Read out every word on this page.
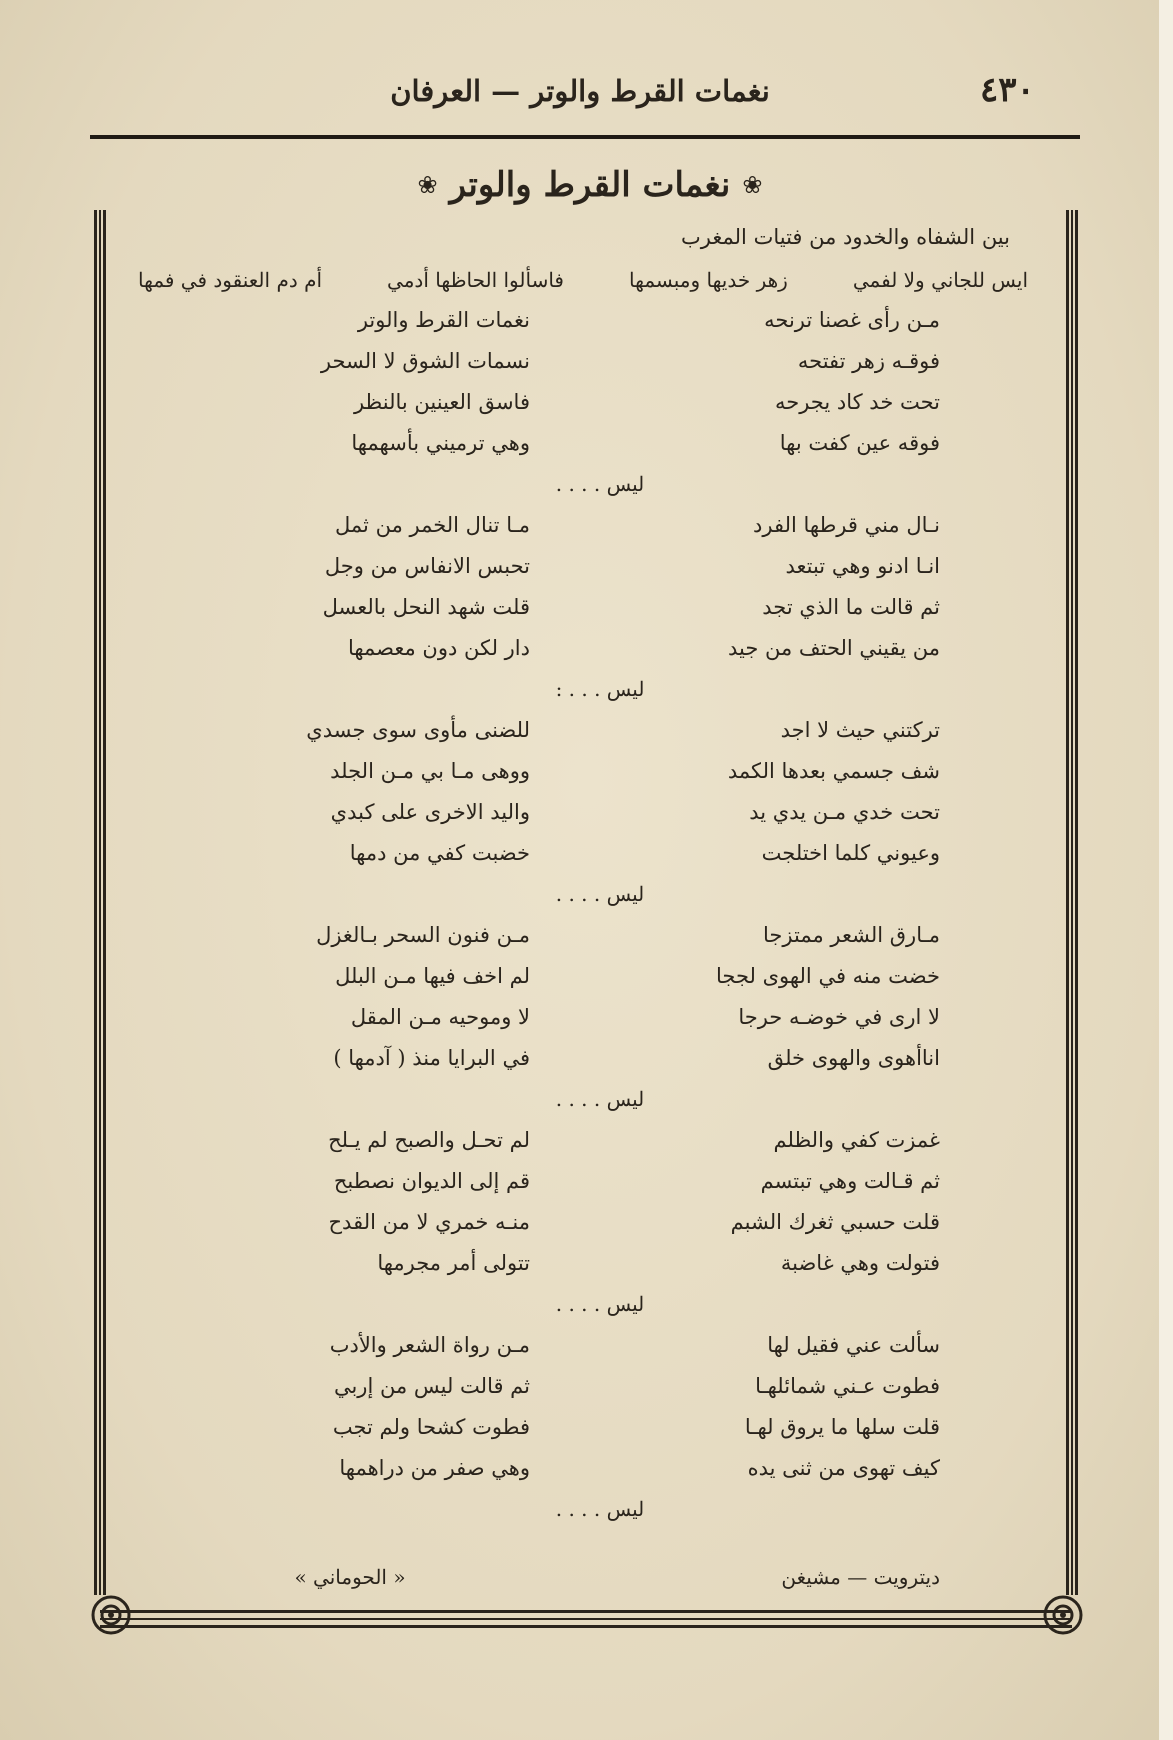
نغمات القرط والوتر — العرفان	٤٣٠
❀
نغمات القرط والوتر
❀
بين الشفاه والخدود من فتيات المغرب
ايس للجاني ولا لفمي
زهر خديها ومبسمها
فاسألوا الحاظها أدمي
أم دم العنقود في فمها
مـن رأى غصنا ترنحه
نغمات القرط والوتر
فوقـه زهر تفتحه
نسمات الشوق لا السحر
تحت خد كاد يجرحه
فاسق العينين بالنظر
فوقه عين كفت بها
وهي ترميني بأسهمها
ليس . . . .
نـال مني قرطها الفرد
مـا تنال الخمر من ثمل
انـا ادنو وهي تبتعد
تحبس الانفاس من وجل
ثم قالت ما الذي تجد
قلت شهد النحل بالعسل
من يقيني الحتف من جيد
دار لكن دون معصمها
ليس . . . :
تركتني حيث لا اجد
للضنى مأوى سوى جسدي
شف جسمي بعدها الكمد
ووهى مـا بي مـن الجلد
تحت خدي مـن يدي يد
واليد الاخرى على كبدي
وعيوني كلما اختلجت
خضبت كفي من دمها
ليس . . . .
مـارق الشعر ممتزجا
مـن فنون السحر بـالغزل
خضت منه في الهوى لججا
لم اخف فيها مـن البلل
لا ارى في خوضـه حرجا
لا وموحيه مـن المقل
اناأهوى والهوى خلق
في البرايا منذ ( آدمها )
ليس . . . .
غمزت كفي والظلم
لم تحـل والصبح لم يـلح
ثم قـالت وهي تبتسم
قم إلى الديوان نصطبح
قلت حسبي ثغرك الشبم
منـه خمري لا من القدح
فتولت وهي غاضبة
تتولى أمر مجرمها
ليس . . . .
سألت عني فقيل لها
مـن رواة الشعر والأدب
فطوت عـني شمائلهـا
ثم قالت ليس من إربي
قلت سلها ما يروق لهـا
فطوت كشحا ولم تجب
كيف تهوى من ثنى يده
وهي صفر من دراهمها
ليس . . . .
ديترويت — مشيغن
« الحوماني »
